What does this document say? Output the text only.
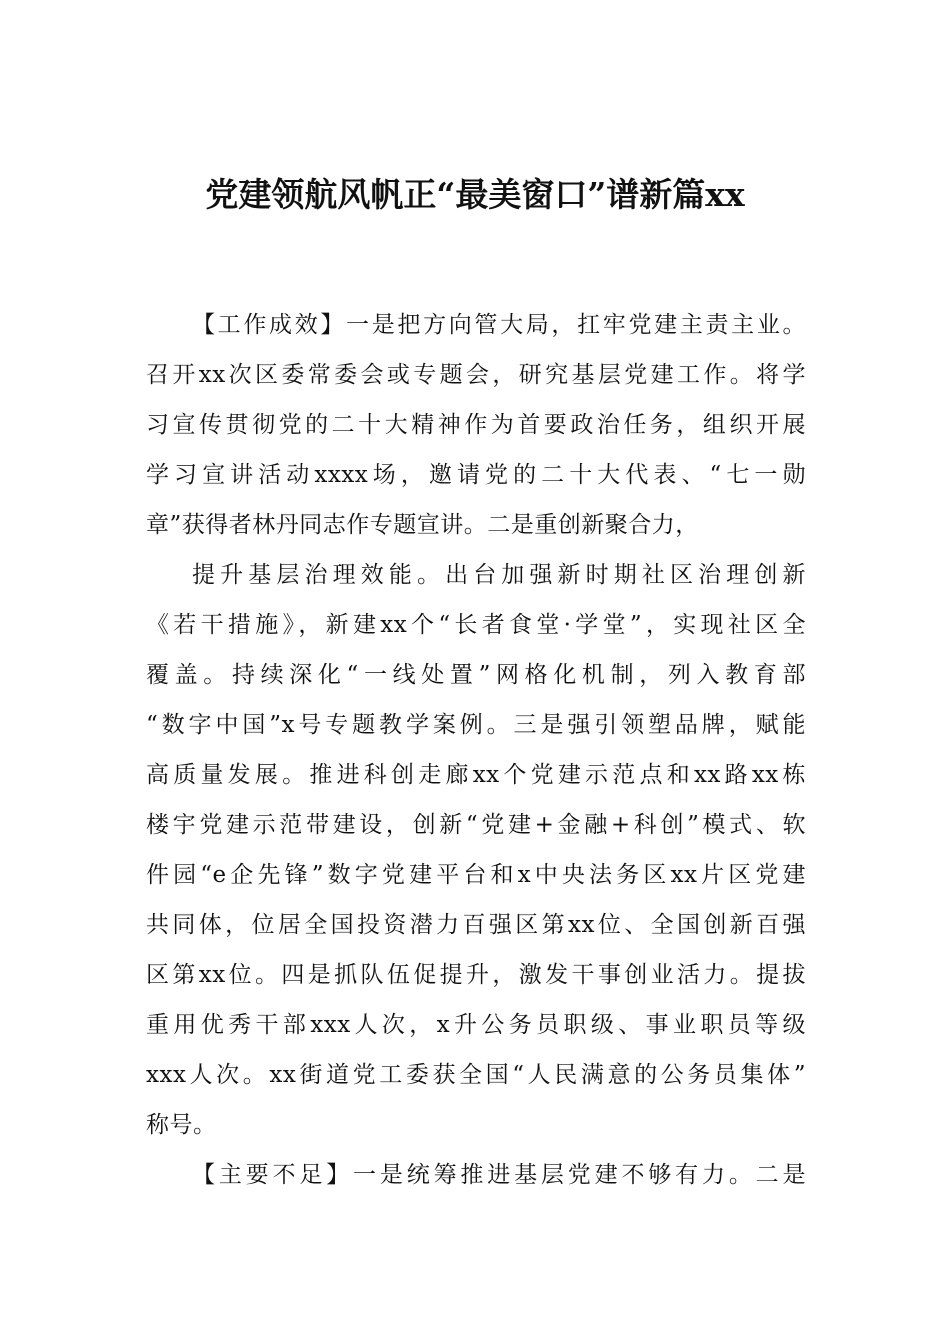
党建领航风帆正“最美窗口”谱新篇xx
【工作成效】一是把方向管大局，扛牢党建主责主业。
召开xx次区委常委会或专题会，研究基层党建工作。将学
习宣传贯彻党的二十大精神作为首要政治任务，组织开展
学习宣讲活动xxxx场，邀请党的二十大代表、“七一勋
章”获得者林丹同志作专题宣讲。二是重创新聚合力，
提升基层治理效能。出台加强新时期社区治理创新
《若干措施》，新建xx个“长者食堂·学堂”，实现社区全
覆盖。持续深化“一线处置”网格化机制，列入教育部
“数字中国”x号专题教学案例。三是强引领塑品牌，赋能
高质量发展。推进科创走廊xx个党建示范点和xx路xx栋
楼宇党建示范带建设，创新“党建+金融+科创”模式、软
件园“e企先锋”数字党建平台和x中央法务区xx片区党建
共同体，位居全国投资潜力百强区第xx位、全国创新百强
区第xx位。四是抓队伍促提升，激发干事创业活力。提拔
重用优秀干部xxx人次，x升公务员职级、事业职员等级
xxx人次。xx街道党工委获全国“人民满意的公务员集体”
称号。
【主要不足】一是统筹推进基层党建不够有力。二是
